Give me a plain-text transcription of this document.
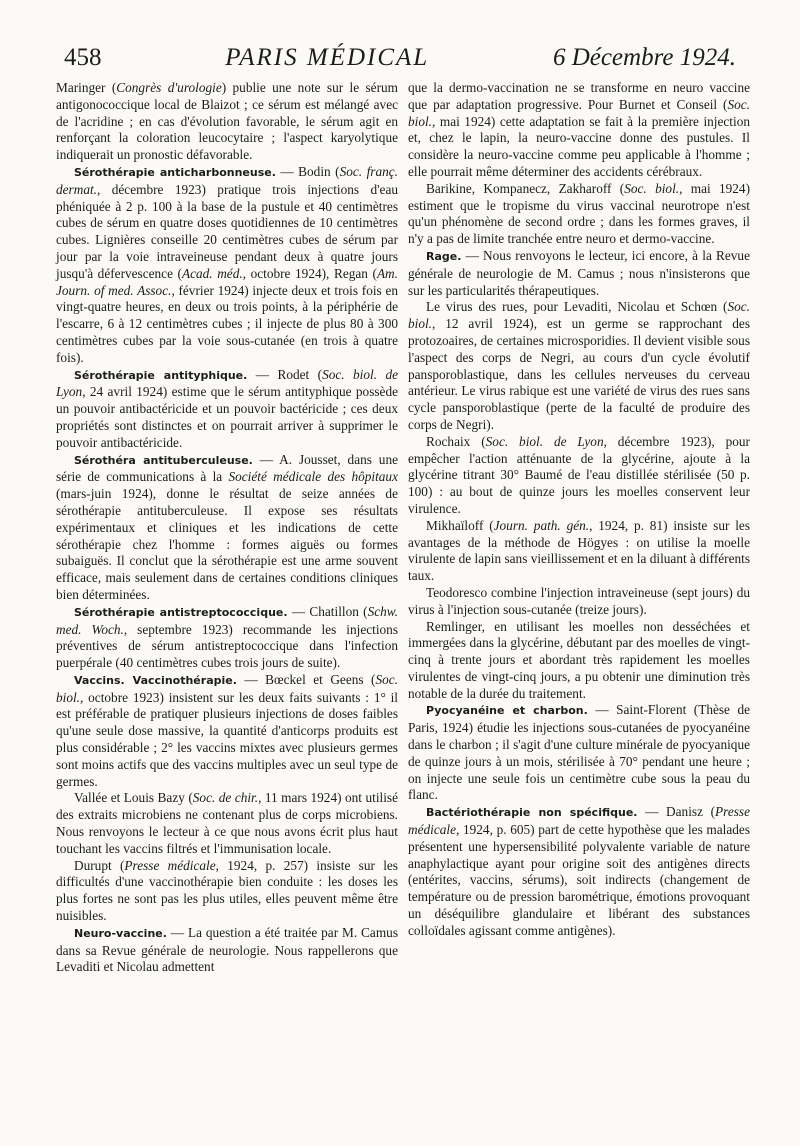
458	PARIS MÉDICAL	6 Décembre 1924.

Maringer (Congrès d'urologie) publie une note sur le sérum antigonococcique local de Blaizot ; ce sérum est mélangé avec de l'acridine ; en cas d'évolution favorable, le sérum agit en renforçant la coloration leucocytaire ; l'aspect karyolytique indiquerait un pronostic défavorable.

Sérothérapie anticharbonneuse. — Bodin (Soc. franç. dermat., décembre 1923) pratique trois injections d'eau phéniquée à 2 p. 100 à la base de la pustule et 40 centimètres cubes de sérum en quatre doses quotidiennes de 10 centimètres cubes. Lignières conseille 20 centimètres cubes de sérum par jour par la voie intraveineuse pendant deux à quatre jours jusqu'à défervescence (Acad. méd., octobre 1924), Regan (Am. Journ. of med. Assoc., février 1924) injecte deux et trois fois en vingt-quatre heures, en deux ou trois points, à la périphérie de l'escarre, 6 à 12 centimètres cubes ; il injecte de plus 80 à 300 centimètres cubes par la voie sous-cutanée (en trois à quatre fois).

Sérothérapie antityphique. — Rodet (Soc. biol. de Lyon, 24 avril 1924) estime que le sérum antityphique possède un pouvoir antibactéricide et un pouvoir bactéricide ; ces deux propriétés sont distinctes et on pourrait arriver à supprimer le pouvoir antibactéricide.

Sérothéra antituberculeuse. — A. Jousset, dans une série de communications à la Société médicale des hôpitaux (mars-juin 1924), donne le résultat de seize années de sérothérapie antituberculeuse. Il expose ses résultats expérimentaux et cliniques et les indications de cette sérothérapie chez l'homme : formes aiguës ou formes subaiguës. Il conclut que la sérothérapie est une arme souvent efficace, mais seulement dans de certaines conditions cliniques bien déterminées.

Sérothérapie antistreptococcique. — Chatillon (Schw. med. Woch., septembre 1923) recommande les injections préventives de sérum antistreptococcique dans l'infection puerpérale (40 centimètres cubes trois jours de suite).

Vaccins. Vaccinothérapie. — Bœckel et Geens (Soc. biol., octobre 1923) insistent sur les deux faits suivants : 1° il est préférable de pratiquer plusieurs injections de doses faibles qu'une seule dose massive, la quantité d'anticorps produits est plus considérable ; 2° les vaccins mixtes avec plusieurs germes sont moins actifs que des vaccins multiples avec un seul type de germes.

Vallée et Louis Bazy (Soc. de chir., 11 mars 1924) ont utilisé des extraits microbiens ne contenant plus de corps microbiens. Nous renvoyons le lecteur à ce que nous avons écrit plus haut touchant les vaccins filtrés et l'immunisation locale.

Durupt (Presse médicale, 1924, p. 257) insiste sur les difficultés d'une vaccinothérapie bien conduite : les doses les plus fortes ne sont pas les plus utiles, elles peuvent même être nuisibles.

Neuro-vaccine. — La question a été traitée par M. Camus dans sa Revue générale de neurologie. Nous rappellerons que Levaditi et Nicolau admettent

que la dermo-vaccination ne se transforme en neuro vaccine que par adaptation progressive. Pour Burnet et Conseil (Soc. biol., mai 1924) cette adaptation se fait à la première injection et, chez le lapin, la neuro-vaccine donne des pustules. Il considère la neuro-vaccine comme peu applicable à l'homme ; elle pourrait même déterminer des accidents cérébraux.

Barikine, Kompanecz, Zakharoff (Soc. biol., mai 1924) estiment que le tropisme du virus vaccinal neurotrope n'est qu'un phénomène de second ordre ; dans les formes graves, il n'y a pas de limite tranchée entre neuro et dermo-vaccine.

Rage. — Nous renvoyons le lecteur, ici encore, à la Revue générale de neurologie de M. Camus ; nous n'insisterons que sur les particularités thérapeutiques.

Le virus des rues, pour Levaditi, Nicolau et Schœn (Soc. biol., 12 avril 1924), est un germe se rapprochant des protozoaires, de certaines microsporidies. Il devient visible sous l'aspect des corps de Negri, au cours d'un cycle évolutif pansporoblastique, dans les cellules nerveuses du cerveau antérieur. Le virus rabique est une variété de virus des rues sans cycle pansporoblastique (perte de la faculté de produire des corps de Negri).

Rochaix (Soc. biol. de Lyon, décembre 1923), pour empêcher l'action atténuante de la glycérine, ajoute à la glycérine titrant 30° Baumé de l'eau distillée stérilisée (50 p. 100) : au bout de quinze jours les moelles conservent leur virulence.

Mikhaïloff (Journ. path. gén., 1924, p. 81) insiste sur les avantages de la méthode de Högyes : on utilise la moelle virulente de lapin sans vieillissement et en la diluant à différents taux.

Teodoresco combine l'injection intraveineuse (sept jours) du virus à l'injection sous-cutanée (treize jours).

Remlinger, en utilisant les moelles non desséchées et immergées dans la glycérine, débutant par des moelles de vingt-cinq à trente jours et abordant très rapidement les moelles virulentes de vingt-cinq jours, a pu obtenir une diminution très notable de la durée du traitement.

Pyocyanéine et charbon. — Saint-Florent (Thèse de Paris, 1924) étudie les injections sous-cutanées de pyocyanéine dans le charbon ; il s'agit d'une culture minérale de pyocyanique de quinze jours à un mois, stérilisée à 70° pendant une heure ; on injecte une seule fois un centimètre cube sous la peau du flanc.

Bactériothérapie non spécifique. — Danisz (Presse médicale, 1924, p. 605) part de cette hypothèse que les malades présentent une hypersensibilité polyvalente variable de nature anaphylactique ayant pour origine soit des antigènes directs (entérites, vaccins, sérums), soit indirects (changement de température ou de pression barométrique, émotions provoquant un déséquilibre glandulaire et libérant des substances colloïdales agissant comme antigènes).
